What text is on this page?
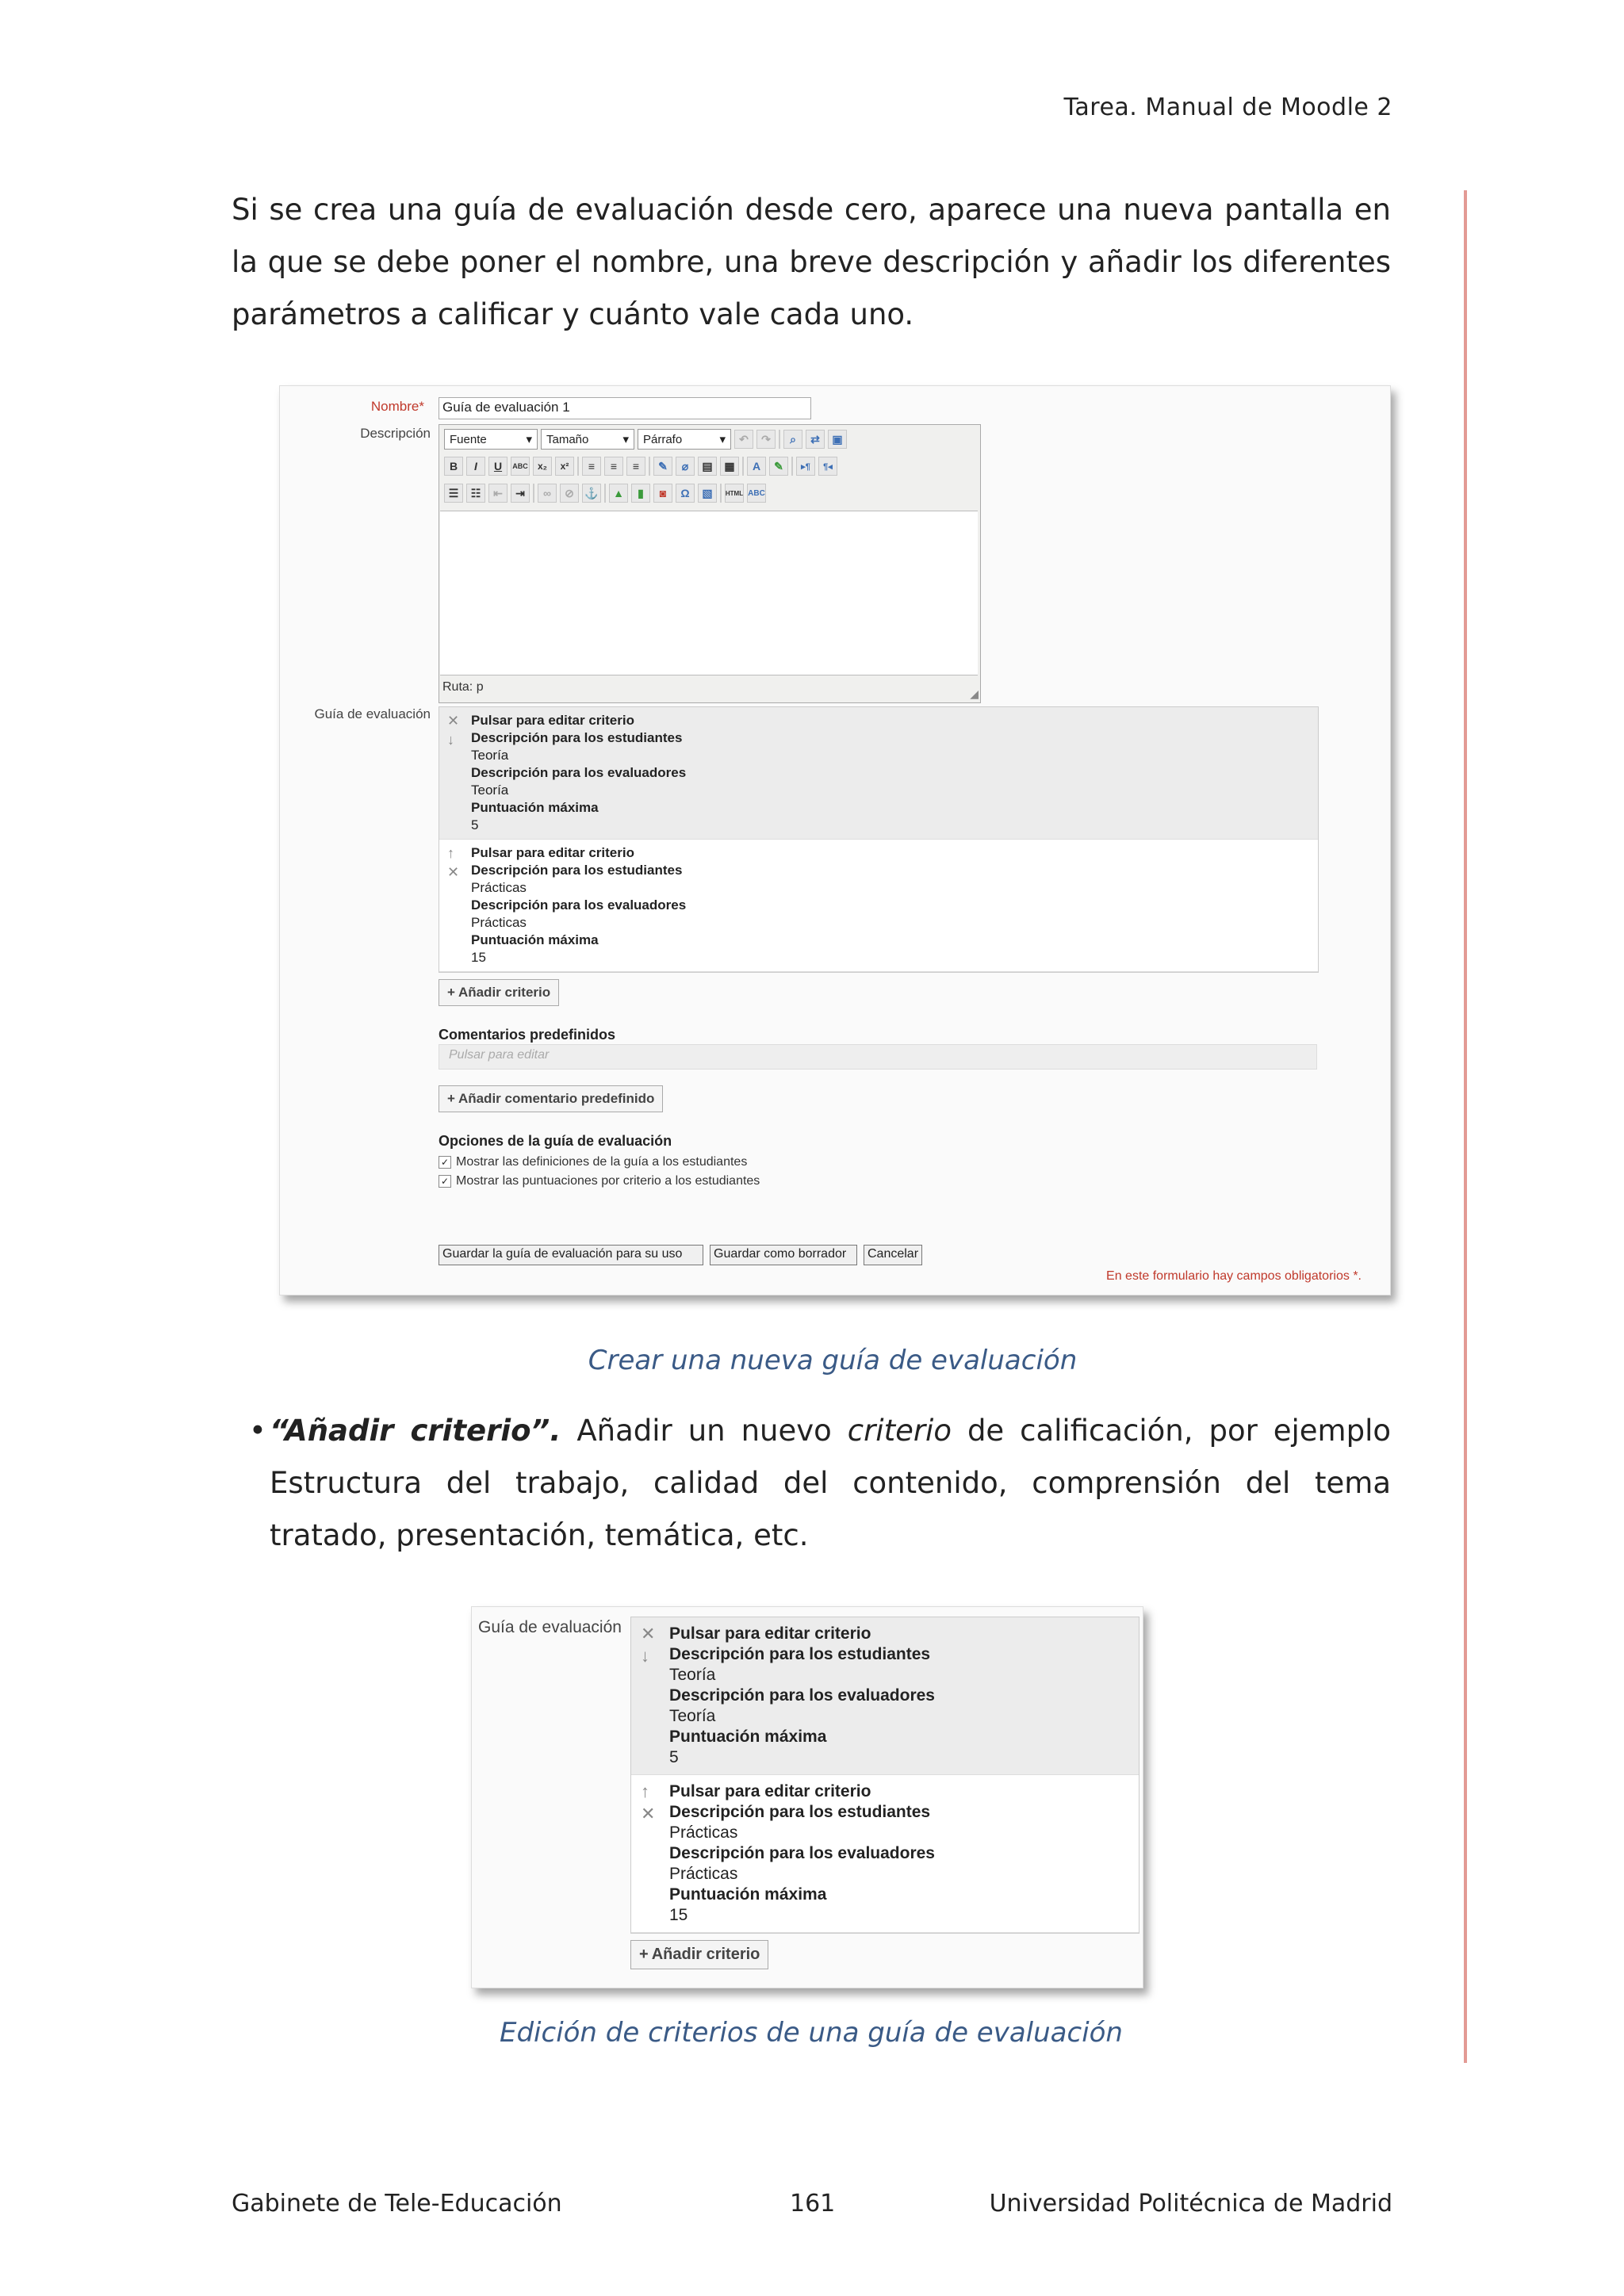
Tarea. Manual de Moodle 2
Si se crea una guía de evaluación desde cero, aparece una nueva pantalla en la que se debe poner el nombre, una breve descripción y añadir los diferentes parámetros a calificar y cuánto vale cada uno.
Nombre* Guía de evaluación 1
Descripción Fuente	▾ Tamaño	▾ Párrafo	▾	↶	↷	⌕	⇄	▣
B	I	U	ABC	x₂	x²	≡	≡	≡	✎	⌀	▤	▦	A	✎	▸¶	¶◂
☰	☷	⇤	⇥	∞	⊘ ⚓	▲	▮	◙	Ω	▧	HTML ABC
Ruta: p	◢
Guía de evaluación ✕
↓
Pulsar para editar criterio
Descripción para los estudiantes
Teoría
Descripción para los evaluadores
Teoría
Puntuación máxima
5
↑
✕
Pulsar para editar criterio
Descripción para los estudiantes
Prácticas
Descripción para los evaluadores
Prácticas
Puntuación máxima
15
+ Añadir criterio
Comentarios predefinidos
Pulsar para editar
+ Añadir comentario predefinido
Opciones de la guía de evaluación
✓ Mostrar las definiciones de la guía a los estudiantes
✓ Mostrar las puntuaciones por criterio a los estudiantes
Guardar la guía de evaluación para su uso	Guardar como borrador	Cancelar
En este formulario hay campos obligatorios *.
Crear una nueva guía de evaluación
• “Añadir criterio”. Añadir un nuevo criterio de calificación, por ejemplo Estructura del trabajo, calidad del contenido, comprensión del tema tratado, presentación, temática, etc.
Guía de evaluación ✕
↓
Pulsar para editar criterio
Descripción para los estudiantes
Teoría
Descripción para los evaluadores
Teoría
Puntuación máxima
5
↑
✕
Pulsar para editar criterio
Descripción para los estudiantes
Prácticas
Descripción para los evaluadores
Prácticas
Puntuación máxima
15
+ Añadir criterio
Edición de criterios de una guía de evaluación
Gabinete de Tele-Educación	161	Universidad Politécnica de Madrid
